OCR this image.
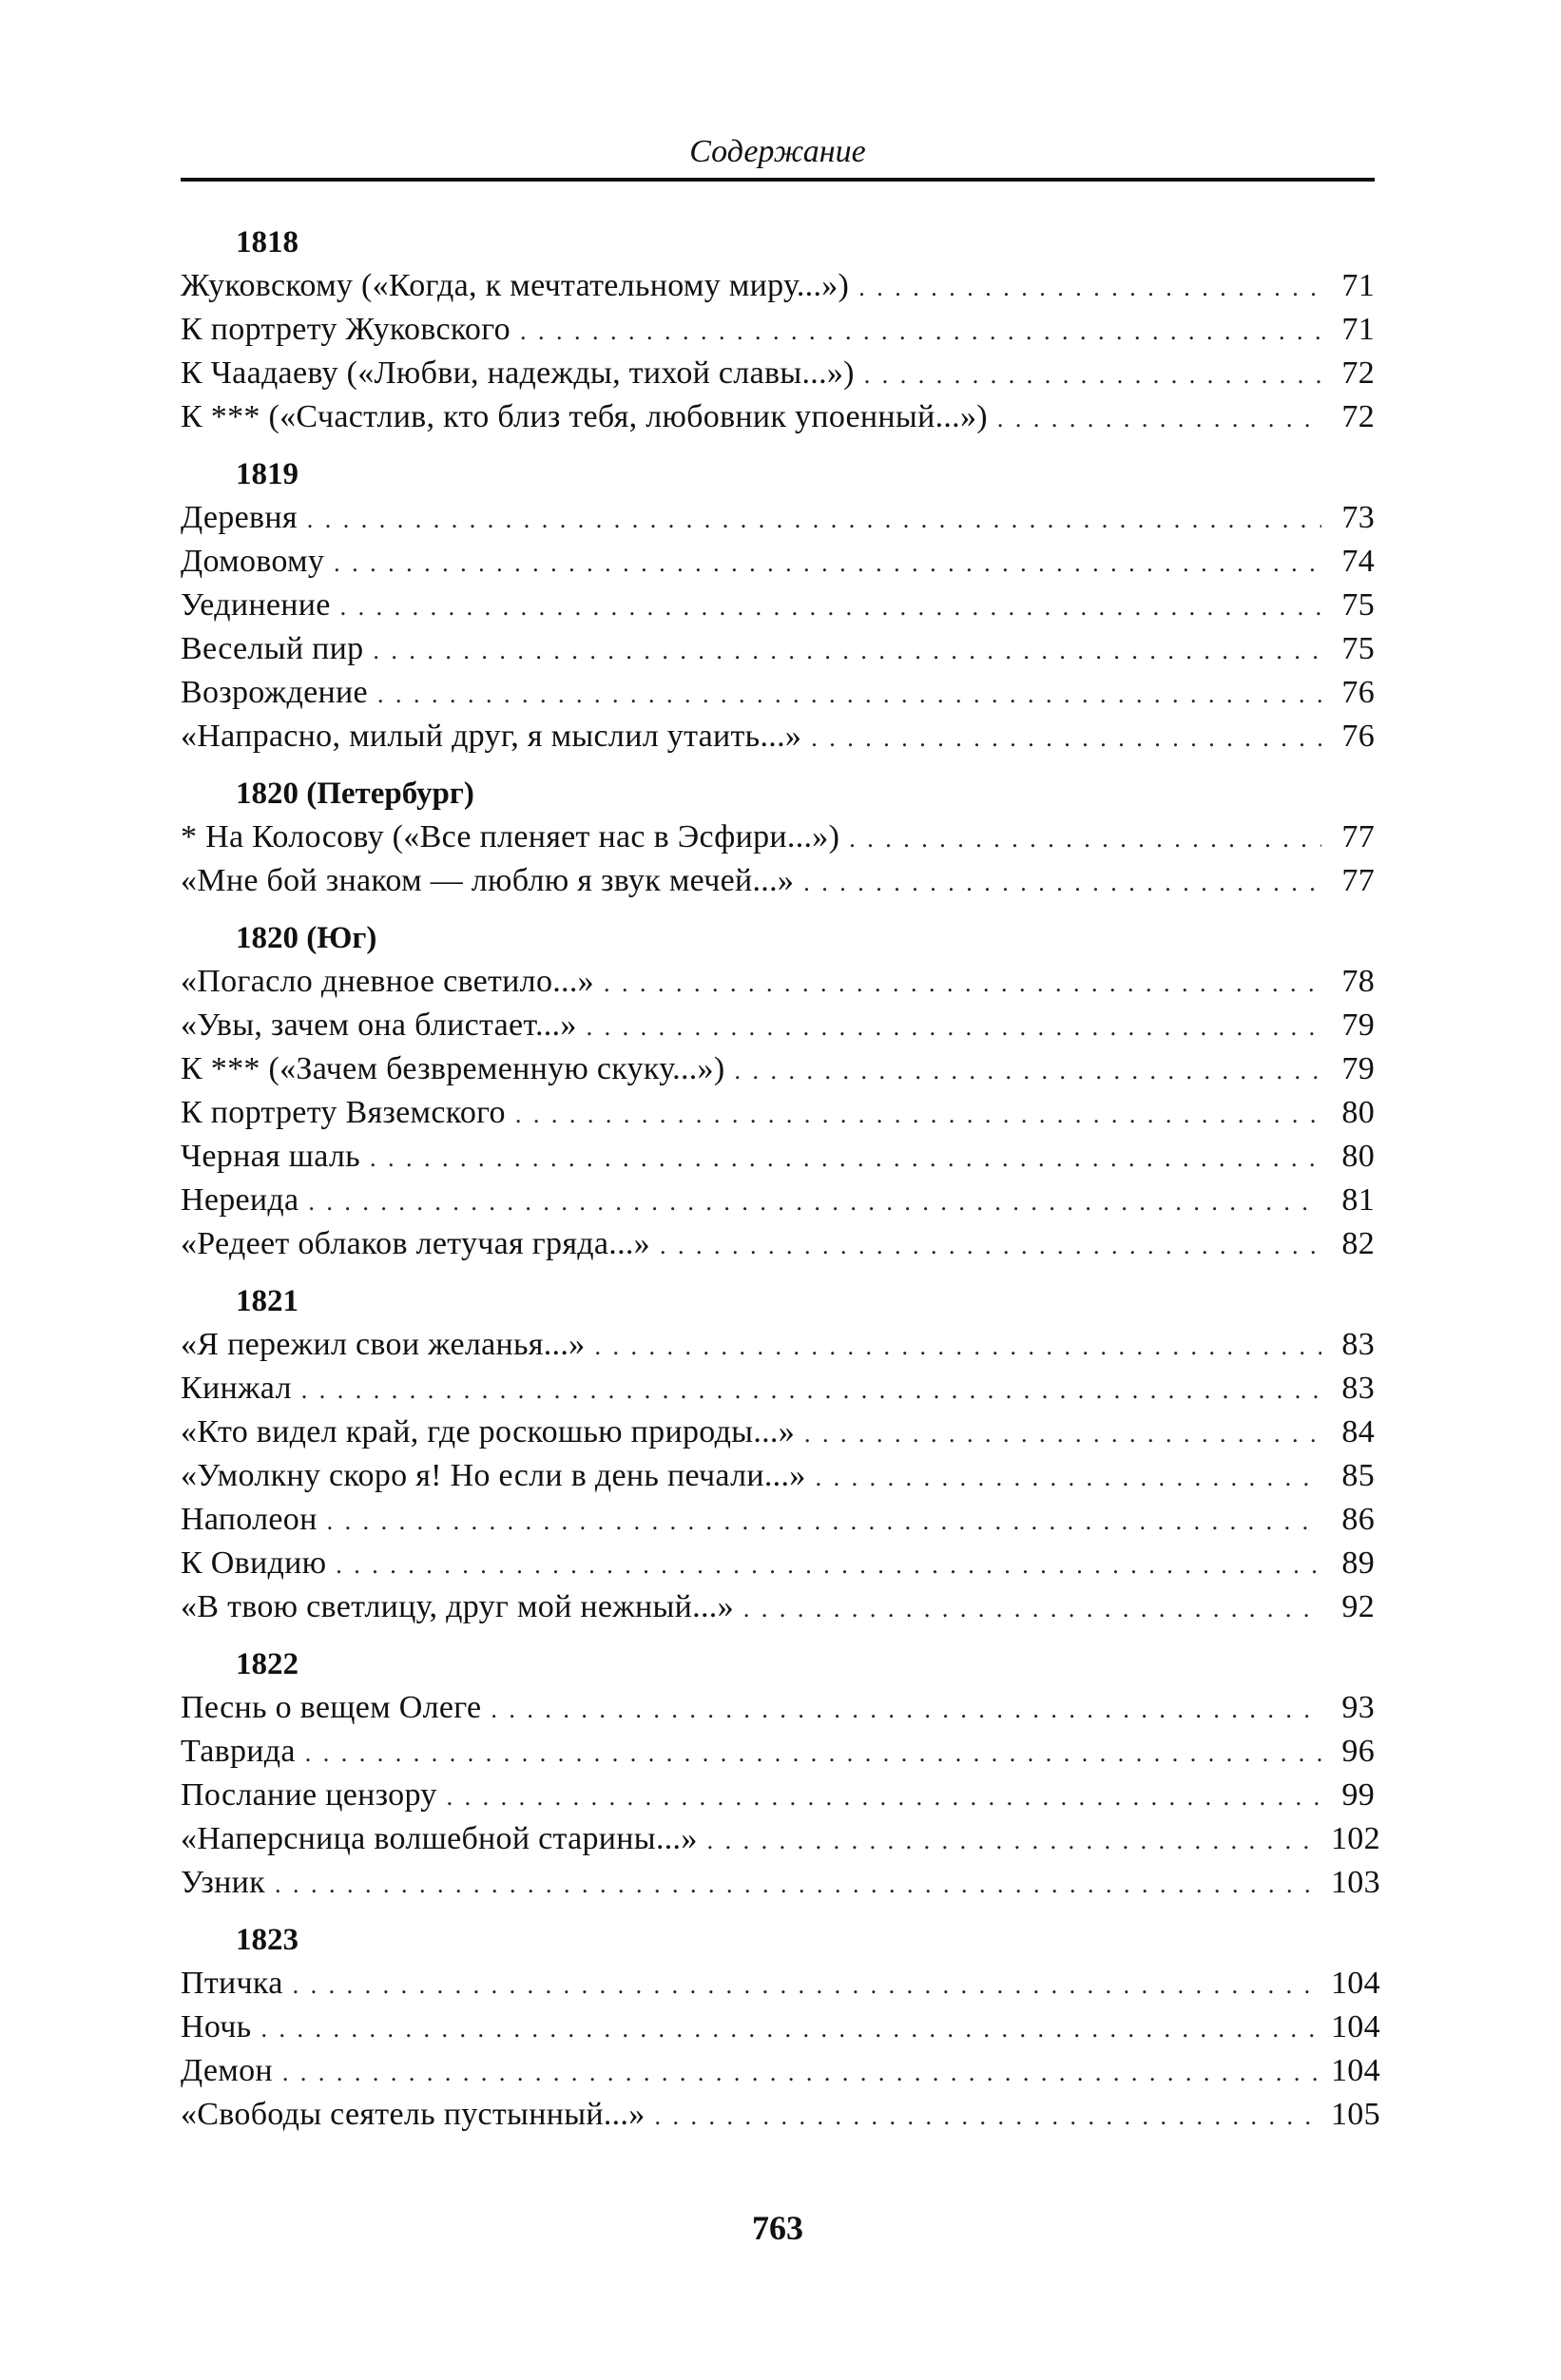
Содержание
1818
Жуковскому («Когда, к мечтательному миру...») . . .	71
К портрету Жуковского . . .	71
К Чаадаеву («Любви, надежды, тихой славы...») . . .	72
К *** («Счастлив, кто близ тебя, любовник упоенный...») . . .	72
1819
Деревня . . .	73
Домовому . . .	74
Уединение . . .	75
Веселый пир . . .	75
Возрождение . . .	76
«Напрасно, милый друг, я мыслил утаить...» . . .	76
1820 (Петербург)
* На Колосову («Все пленяет нас в Эсфири...») . . .	77
«Мне бой знаком — люблю я звук мечей...» . . .	77
1820 (Юг)
«Погасло дневное светило...» . . .	78
«Увы, зачем она блистает...» . . .	79
К *** («Зачем безвременную скуку...») . . .	79
К портрету Вяземского . . .	80
Черная шаль . . .	80
Нереида . . .	81
«Редеет облаков летучая гряда...» . . .	82
1821
«Я пережил свои желанья...» . . .	83
Кинжал . . .	83
«Кто видел край, где роскошью природы...» . . .	84
«Умолкну скоро я! Но если в день печали...» . . .	85
Наполеон . . .	86
К Овидию . . .	89
«В твою светлицу, друг мой нежный...» . . .	92
1822
Песнь о вещем Олеге . . .	93
Таврида . . .	96
Послание цензору . . .	99
«Наперсница волшебной старины...» . . .	102
Узник . . .	103
1823
Птичка . . .	104
Ночь . . .	104
Демон . . .	104
«Свободы сеятель пустынный...» . . .	105
763
